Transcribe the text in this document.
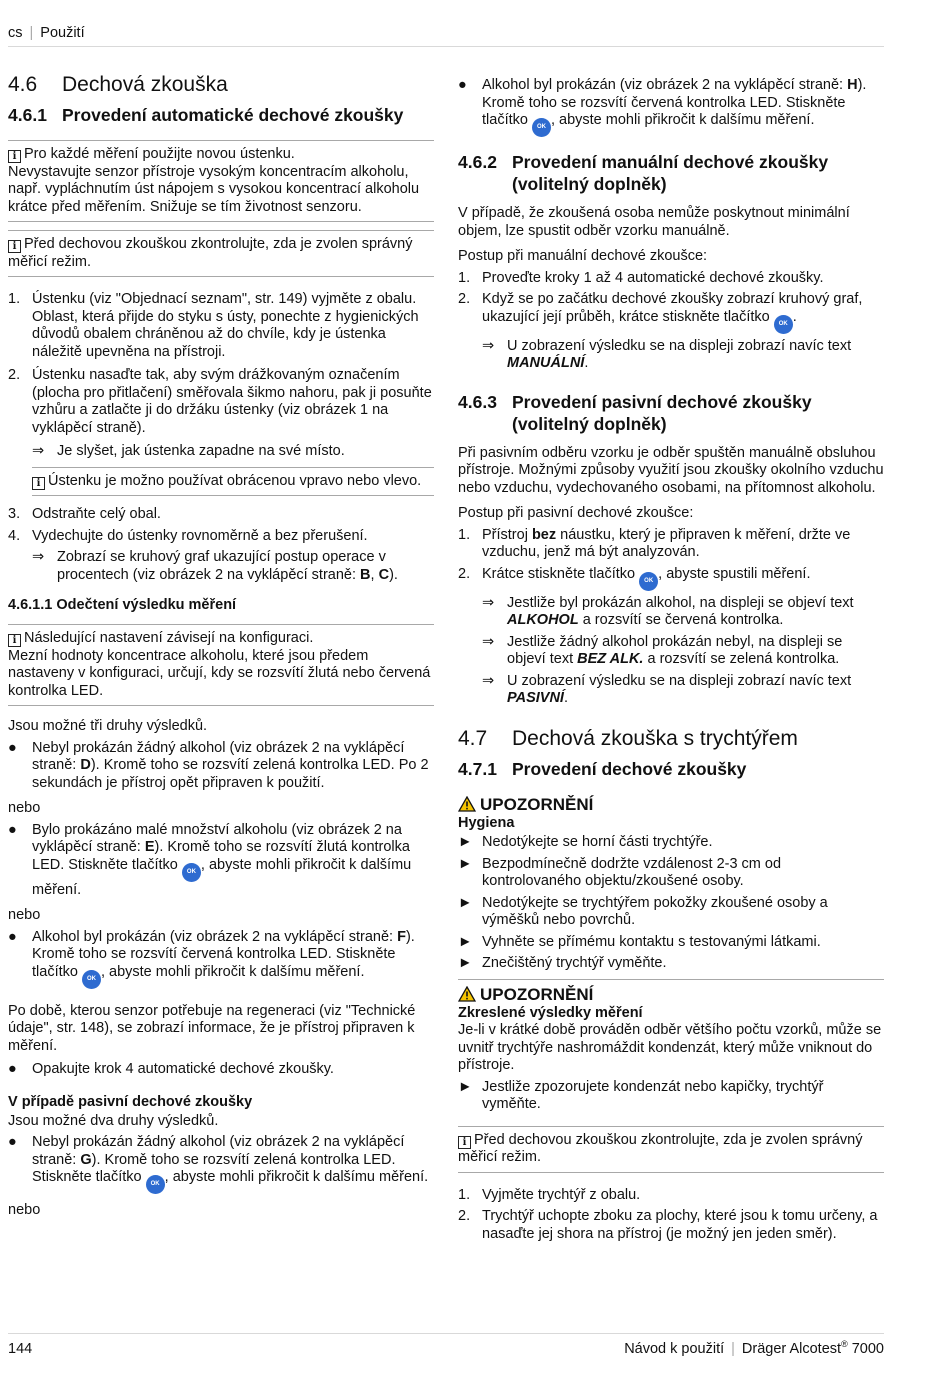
cs | Použití
4.6	Dechová zkouška
4.6.1 Provedení automatické dechové zkoušky

i Pro každé měření použijte novou ústenku.

Nevystavujte senzor přístroje vysokým koncentracím alkoholu, např. vypláchnutím úst nápojem s vysokou koncentrací alkoholu krátce před měřením. Snižuje se tím životnost senzoru.

i Před dechovou zkouškou zkontrolujte, zda je zvolen správný měřicí režim.

1. Ústenku (viz "Objednací seznam", str. 149) vyjměte z obalu. Oblast, která přijde do styku s ústy, ponechte z hygienických důvodů obalem chráněnou až do chvíle, kdy je ústenka náležitě upevněna na přístroji.
2. Ústenku nasaďte tak, aby svým drážkovaným označením (plocha pro přitlačení) směřovala šikmo nahoru, pak ji posuňte vzhůru a zatlačte ji do držáku ústenky (viz obrázek 1 na vyklápěcí straně).
⇒ Je slyšet, jak ústenka zapadne na své místo.

i Ústenku je možno používat obrácenou vpravo nebo vlevo.

3. Odstraňte celý obal.
4. Vydechujte do ústenky rovnoměrně a bez přerušení.
⇒ Zobrazí se kruhový graf ukazující postup operace v procentech (viz obrázek 2 na vyklápěcí straně: B, C).
4.6.1.1 Odečtení výsledku měření

i Následující nastavení závisejí na konfiguraci.

Mezní hodnoty koncentrace alkoholu, které jsou předem nastaveny v konfiguraci, určují, kdy se rozsvítí žlutá nebo červená kontrolka LED.

Jsou možné tři druhy výsledků.

●	Nebyl prokázán žádný alkohol (viz obrázek 2 na vyklápěcí straně: D). Kromě toho se rozsvítí zelená kontrolka LED. Po 2 sekundách je přístroj opět připraven k použití.

nebo

●	Bylo prokázáno malé množství alkoholu (viz obrázek 2 na vyklápěcí straně: E). Kromě toho se rozsvítí žlutá kontrolka LED. Stiskněte tlačítko OK , abyste mohli přikročit k dalšímu měření.

nebo

●	Alkohol byl prokázán (viz obrázek 2 na vyklápěcí straně: F). Kromě toho se rozsvítí červená kontrolka LED. Stiskněte tlačítko OK , abyste mohli přikročit k dalšímu měření.

Po době, kterou senzor potřebuje na regeneraci (viz "Technické údaje", str. 148), se zobrazí informace, že je přístroj připraven k měření.

●	Opakujte krok 4 automatické dechové zkoušky.
V případě pasivní dechové zkoušky

Jsou možné dva druhy výsledků.

●	Nebyl prokázán žádný alkohol (viz obrázek 2 na vyklápěcí straně: G). Kromě toho se rozsvítí zelená kontrolka LED. Stiskněte tlačítko OK , abyste mohli přikročit k dalšímu měření.

nebo

●	Alkohol byl prokázán (viz obrázek 2 na vyklápěcí straně: H). Kromě toho se rozsvítí červená kontrolka LED. Stiskněte tlačítko OK , abyste mohli přikročit k dalšímu měření.
4.6.2 Provedení manuální dechové zkoušky
(volitelný doplněk)

V případě, že zkoušená osoba nemůže poskytnout minimální objem, lze spustit odběr vzorku manuálně.

Postup při manuální dechové zkoušce:

1. Proveďte kroky 1 až 4 automatické dechové zkoušky.
2. Když se po začátku dechové zkoušky zobrazí kruhový graf, ukazující její průběh, krátce stiskněte tlačítko OK .
⇒ U zobrazení výsledku se na displeji zobrazí navíc text MANUÁLNÍ.
4.6.3 Provedení pasivní dechové zkoušky
(volitelný doplněk)

Při pasivním odběru vzorku je odběr spuštěn manuálně obsluhou přístroje. Možnými způsoby využití jsou zkoušky okolního vzduchu nebo vzduchu, vydechovaného osobami, na přítomnost alkoholu.

Postup při pasivní dechové zkoušce:

1. Přístroj bez náustku, který je připraven k měření, držte ve vzduchu, jenž má být analyzován.
2. Krátce stiskněte tlačítko OK , abyste spustili měření.
⇒ Jestliže byl prokázán alkohol, na displeji se objeví text ALKOHOL a rozsvítí se červená kontrolka.
⇒ Jestliže žádný alkohol prokázán nebyl, na displeji se objeví text BEZ ALK. a rozsvítí se zelená kontrolka.
⇒ U zobrazení výsledku se na displeji zobrazí navíc text PASIVNÍ.
4.7	Dechová zkouška s trychtýřem
4.7.1 Provedení dechové zkoušky
UPOZORNĚNÍ

Hygiena

► Nedotýkejte se horní části trychtýře.
► Bezpodmínečně dodržte vzdálenost 2-3 cm od kontrolovaného objektu/zkoušené osoby.
► Nedotýkejte se trychtýřem pokožky zkoušené osoby a výměšků nebo povrchů.
► Vyhněte se přímému kontaktu s testovanými látkami.
► Znečištěný trychtýř vyměňte.
UPOZORNĚNÍ

Zkreslené výsledky měření

Je-li v krátké době prováděn odběr většího počtu vzorků, může se uvnitř trychtýře nashromáždit kondenzát, který může vniknout do přístroje.

► Jestliže zpozorujete kondenzát nebo kapičky, trychtýř vyměňte.

i Před dechovou zkouškou zkontrolujte, zda je zvolen správný měřicí režim.

1. Vyjměte trychtýř z obalu.
2. Trychtýř uchopte zboku za plochy, které jsou k tomu určeny, a nasaďte jej shora na přístroj (je možný jen jeden směr).
144	Návod k použití | Dräger Alcotest® 7000
